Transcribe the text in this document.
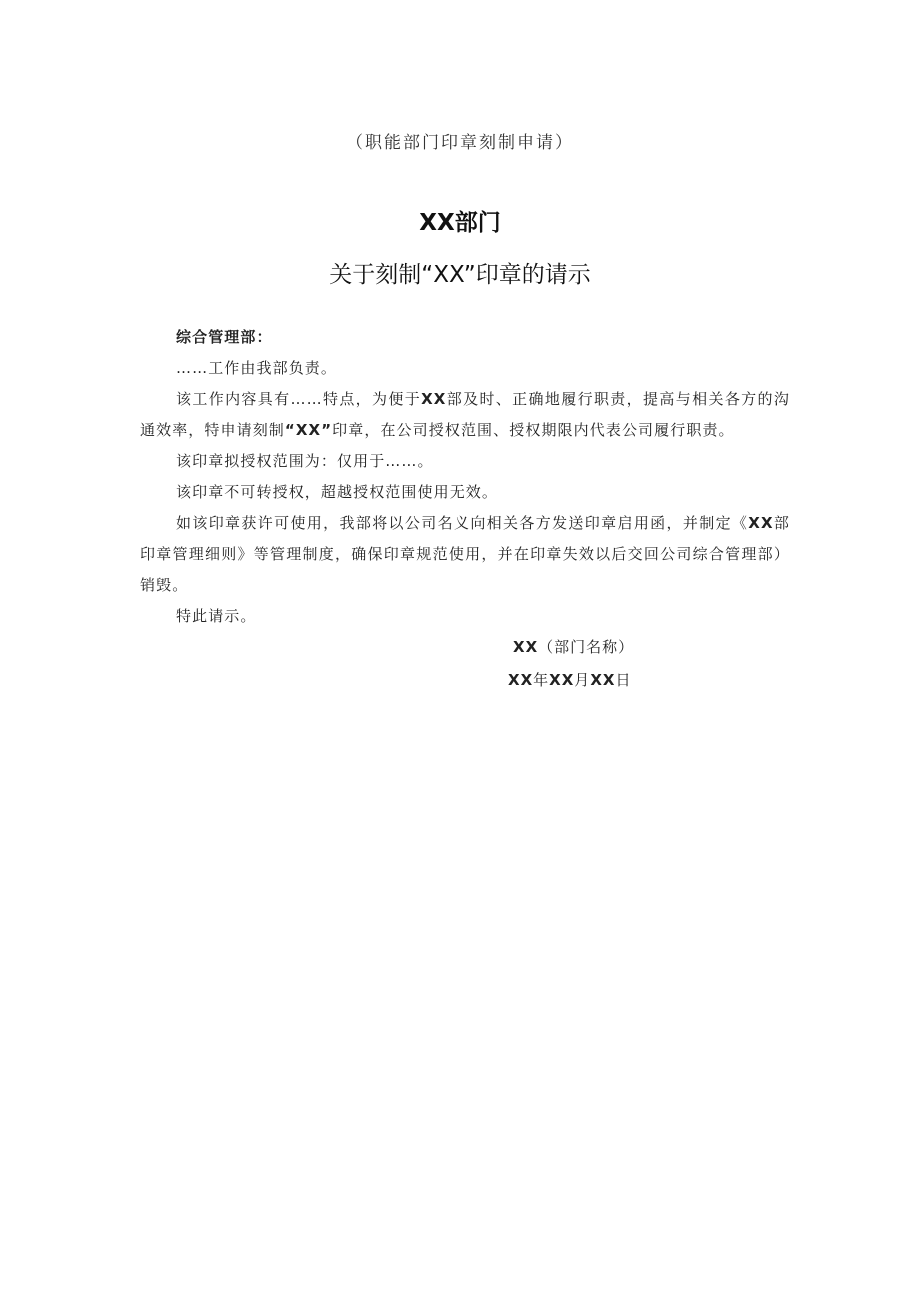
（职能部门印章刻制申请）
XX部门
关于刻制“XX”印章的请示

综合管理部：

……工作由我部负责。

该工作内容具有……特点，为便于XX部及时、正确地履行职责，提高与相关各方的沟通效率，特申请刻制“XX”印章，在公司授权范围、授权期限内代表公司履行职责。

该印章拟授权范围为：仅用于……。

该印章不可转授权，超越授权范围使用无效。

如该印章获许可使用，我部将以公司名义向相关各方发送印章启用函，并制定《XX部印章管理细则》等管理制度，确保印章规范使用，并在印章失效以后交回公司综合管理部）销毁。

特此请示。

XX（部门名称）
XX年XX月XX日
